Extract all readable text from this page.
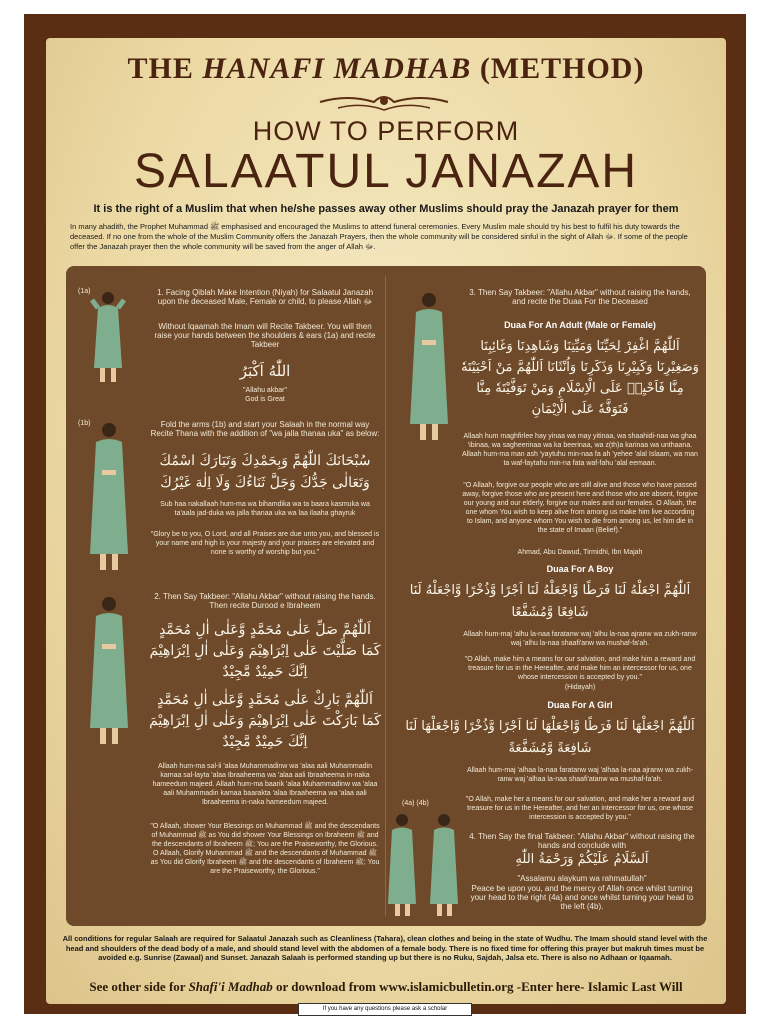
THE HANAFI MADHAB (METHOD)
HOW TO PERFORM
SALAATUL JANAZAH
It is the right of a Muslim that when he/she passes away other Muslims should pray the Janazah prayer for them
In many ahadith, the Prophet Muhammad ﷺ emphasised and encouraged the Muslims to attend funeral ceremonies. Every Muslim male should try his best to fulfil his duty towards the deceased. If no one from the whole of the Muslim Community offers the Janazah Prayers, then the whole community will be considered sinful in the sight of Allah ﷻ. If some of the people offer the Janazah prayer then the whole community will be saved from the anger of Allah ﷻ.
(1a)	1. Facing Qiblah Make Intention (Niyah) for Salaatul Janazah upon the deceased Male, Female or child, to please Allah ﷻ
Without Iqaamah the Imam will Recite Takbeer. You will then raise your hands between the shoulders & ears (1a) and recite Takbeer
اللّٰهُ اَكْبَرُ
"Allahu akbar"
God is Great
(1b)	Fold the arms (1b) and start your Salaah in the normal way Recite Thana with the addition of "wa jalla thanaa uka" as below:
سُبْحَانَكَ اللّٰهُمَّ وَبِحَمْدِكَ وَتَبَارَكَ اسْمُكَ وَتَعَالٰى جَدُّكَ وَجَلَّ ثَنَاءُكَ وَلَا اِلٰهَ غَيْرُكَ
Sub haa nakallaah hum-ma wa bihamdika wa ta baara kasmuka wa ta'aala jad-duka wa jalla thanaa uka wa laa ilaaha ghayruk
"Glory be to you, O Lord, and all Praises are due unto you, and blessed is your name and high is your majesty and your praises are elevated and none is worthy of worship but you."
2. Then Say Takbeer: "Allahu Akbar" without raising the hands. Then recite Durood e Ibraheem
اَللّٰهُمَّ صَلِّ عَلٰى مُحَمَّدٍ وَّعَلٰى اٰلِ مُحَمَّدٍ كَمَا صَلَّيْتَ عَلٰى اِبْرَاهِيْمَ وَعَلٰى اٰلِ اِبْرَاهِيْمَ اِنَّكَ حَمِيْدٌ مَّجِيْدٌ
اَللّٰهُمَّ بَارِكْ عَلٰى مُحَمَّدٍ وَّعَلٰى اٰلِ مُحَمَّدٍ كَمَا بَارَكْتَ عَلٰى اِبْرَاهِيْمَ وَعَلٰى اٰلِ اِبْرَاهِيْمَ اِنَّكَ حَمِيْدٌ مَّجِيْدٌ
Allaah hum-ma sal-li 'alaa Muhammadinw wa 'alaa aali Muhammadin kamaa sal-layta 'alaa Ibraaheema wa 'alaa aali Ibraaheema in-naka hameedum majeed. Allaah hum-ma baarik 'alaa Muhammadinw wa 'alaa aali Muhammadin kamaa baarakta 'alaa Ibraaheema wa 'alaa aali Ibraaheema in-naka hameedum majeed.
"O Allaah, shower Your Blessings on Muhammad ﷺ and the descendants of Muhammad ﷺ as You did shower Your Blessings on Ibraheem ﷺ and the descendants of Ibraheem ﷺ; You are the Praiseworthy, the Glorious. O Allaah, Glorify Muhammad ﷺ and the descendants of Muhammad ﷺ as You did Glorify Ibraheem ﷺ and the descendants of Ibraheem ﷺ; You are the Praiseworthy, the Glorious."
3. Then Say Takbeer: "Allahu Akbar" without raising the hands, and recite the Duaa For the Deceased
Duaa For An Adult (Male or Female)
اَللّٰهُمَّ اغْفِرْ لِحَيِّنَا وَمَيِّتِنَا وَشَاهِدِنَا وَغَائِبِنَا وَصَغِيْرِنَا وَكَبِيْرِنَا وَذَكَرِنَا وَاُنْثَانَا اَللّٰهُمَّ مَنْ اَحْيَيْتَهٗ مِنَّا فَاَحْيِهٖ عَلَى الْاِسْلَامِ وَمَنْ تَوَفَّيْتَهٗ مِنَّا فَتَوَفَّهٗ عَلَى الْاِيْمَانِ
Allaah hum maghfirlee hay yinaa wa may yitinaa, wa shaahidi-naa wa ghaa 'ibinaa, wa sagheerinaa wa ka beerinaa, wa z(th)a karinaa wa unthaana. Allaah hum-ma man ash 'yaytuhu min-naa fa ah 'yehee 'alal Islaam, wa man ta waf-faytahu min-na fata waf-fahu 'alal eemaan.
"O Allaah, forgive our people who are still alive and those who have passed away, forgive those who are present here and those who are absent, forgive our young and our elderly, forgive our males and our females. O Allaah, the one whom You wish to keep alive from among us make him live according to Islam, and anyone whom You wish to die from among us, let him die in the state of Imaan (Belief)."
Ahmad, Abu Dawud, Tirmidhi, Ibn Majah
Duaa For A Boy
اَللّٰهُمَّ اجْعَلْهُ لَنَا فَرَطًا وَّاجْعَلْهُ لَنَا اَجْرًا وَّذُخْرًا وَّاجْعَلْهُ لَنَا شَافِعًا وَّمُشَفَّعًا
Allaah hum-maj 'alhu la-naa faratanw waj 'alhu la-naa ajranw wa zukh-ranw waj 'alhu la-naa shaafi'anw wa mushaf-fa'ah.
"O Allah, make him a means for our salvation, and make him a reward and treasure for us in the Hereafter, and make him an intercessor for us, one whose intercession is accepted by you."
(Hidayah)
Duaa For A Girl
اَللّٰهُمَّ اجْعَلْهَا لَنَا فَرَطًا وَّاجْعَلْهَا لَنَا اَجْرًا وَّذُخْرًا وَّاجْعَلْهَا لَنَا شَافِعَةً وَّمُشَفَّعَةً
Allaah hum-maj 'alhaa la-naa faratanw waj 'alhaa la-naa ajranw wa zukh-ranw waj 'alhaa la-naa shaafi'atanw wa mushaf-fa'ah.
"O Allah, make her a means for our salvation, and make her a reward and treasure for us in the Hereafter, and her an intercessor for us, one whose intercession is accepted by you."
(4a) (4b)
4. Then Say the final Takbeer: "Allahu Akbar" without raising the hands and conclude with
اَلسَّلَامُ عَلَيْكُمْ وَرَحْمَةُ اللّٰهِ
"Assalamu alaykum wa rahmatullah"
Peace be upon you, and the mercy of Allah once whilst turning your head to the right (4a) and once whilst turning your head to the left (4b).
All conditions for regular Salaah are required for Salaatul Janazah such as Cleanliness (Tahara), clean clothes and being in the state of Wudhu. The Imam should stand level with the head and shoulders of the dead body of a male, and should stand level with the abdomen of a female body. There is no fixed time for offering this prayer but makruh times must be avoided e.g. Sunrise (Zawaal) and Sunset. Janazah Salaah is performed standing up but there is no Ruku, Sajdah, Jalsa etc. There is also no Adhaan or Iqaamah.
See other side for Shafi'i Madhab or download from www.islamicbulletin.org -Enter here- Islamic Last Will
If you have any questions please ask a scholar
